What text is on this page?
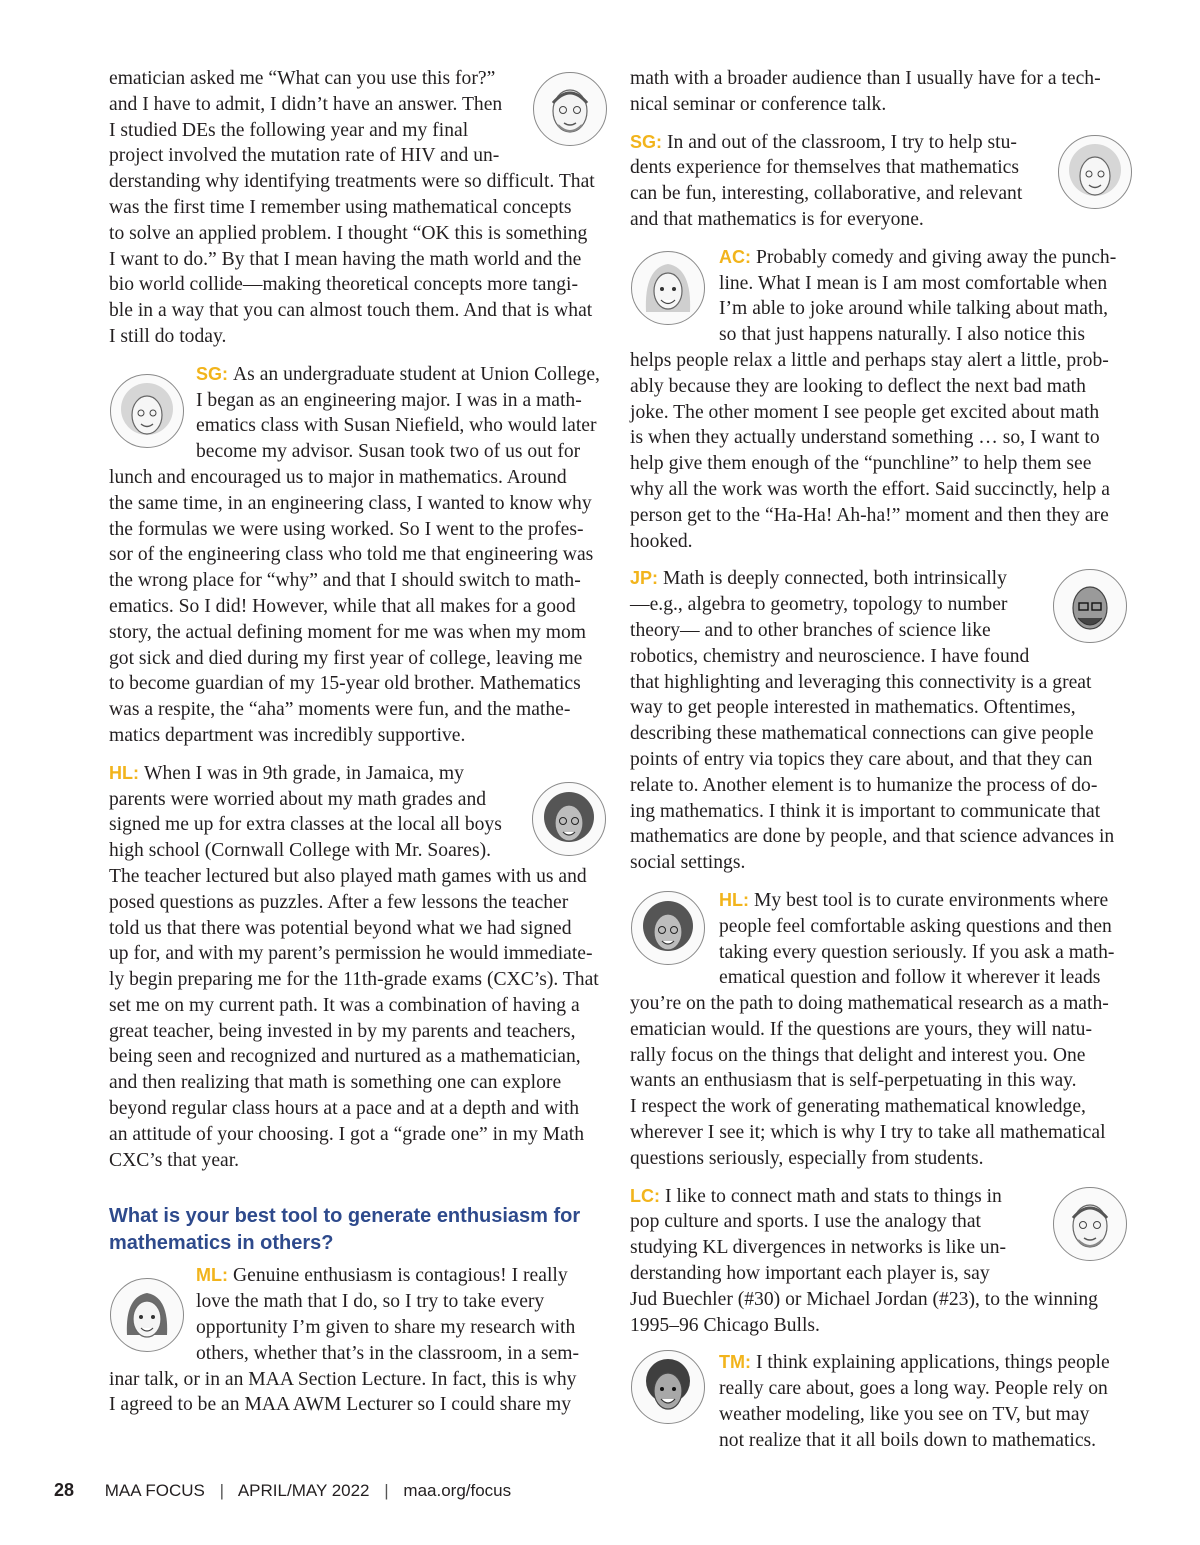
ematician asked me “What can you use this for?”
and I have to admit, I didn’t have an answer. Then
I studied DEs the following year and my final
project involved the mutation rate of HIV and un-
derstanding why identifying treatments were so difficult. That
was the first time I remember using mathematical concepts
to solve an applied problem. I thought “OK this is something
I want to do.” By that I mean having the math world and the
bio world collide—making theoretical concepts more tangi-
ble in a way that you can almost touch them. And that is what
I still do today.
SG: As an undergraduate student at Union College,
I began as an engineering major. I was in a math-
ematics class with Susan Niefield, who would later
become my advisor. Susan took two of us out for
lunch and encouraged us to major in mathematics. Around
the same time, in an engineering class, I wanted to know why
the formulas we were using worked. So I went to the profes-
sor of the engineering class who told me that engineering was
the wrong place for “why” and that I should switch to math-
ematics. So I did! However, while that all makes for a good
story, the actual defining moment for me was when my mom
got sick and died during my first year of college, leaving me
to become guardian of my 15-year old brother. Mathematics
was a respite, the “aha” moments were fun, and the mathe-
matics department was incredibly supportive.
HL: When I was in 9th grade, in Jamaica, my
parents were worried about my math grades and
signed me up for extra classes at the local all boys
high school (Cornwall College with Mr. Soares).
The teacher lectured but also played math games with us and
posed questions as puzzles. After a few lessons the teacher
told us that there was potential beyond what we had signed
up for, and with my parent’s permission he would immediate-
ly begin preparing me for the 11th-grade exams (CXC’s). That
set me on my current path. It was a combination of having a
great teacher, being invested in by my parents and teachers,
being seen and recognized and nurtured as a mathematician,
and then realizing that math is something one can explore
beyond regular class hours at a pace and at a depth and with
an attitude of your choosing. I got a “grade one” in my Math
CXC’s that year.
What is your best tool to generate enthusiasm for
mathematics in others?
ML: Genuine enthusiasm is contagious! I really
love the math that I do, so I try to take every
opportunity I’m given to share my research with
others, whether that’s in the classroom, in a sem-
inar talk, or in an MAA Section Lecture. In fact, this is why
I agreed to be an MAA AWM Lecturer so I could share my
math with a broader audience than I usually have for a tech-
nical seminar or conference talk.
SG: In and out of the classroom, I try to help stu-
dents experience for themselves that mathematics
can be fun, interesting, collaborative, and relevant
and that mathematics is for everyone.
AC: Probably comedy and giving away the punch-
line. What I mean is I am most comfortable when
I’m able to joke around while talking about math,
so that just happens naturally. I also notice this
helps people relax a little and perhaps stay alert a little, prob-
ably because they are looking to deflect the next bad math
joke. The other moment I see people get excited about math
is when they actually understand something … so, I want to
help give them enough of the “punchline” to help them see
why all the work was worth the effort. Said succinctly, help a
person get to the “Ha-Ha! Ah-ha!” moment and then they are
hooked.
JP: Math is deeply connected, both intrinsically
—e.g., algebra to geometry, topology to number
theory— and to other branches of science like
robotics, chemistry and neuroscience. I have found
that highlighting and leveraging this connectivity is a great
way to get people interested in mathematics. Oftentimes,
describing these mathematical connections can give people
points of entry via topics they care about, and that they can
relate to. Another element is to humanize the process of do-
ing mathematics. I think it is important to communicate that
mathematics are done by people, and that science advances in
social settings.
HL: My best tool is to curate environments where
people feel comfortable asking questions and then
taking every question seriously. If you ask a math-
ematical question and follow it wherever it leads
you’re on the path to doing mathematical research as a math-
ematician would. If the questions are yours, they will natu-
rally focus on the things that delight and interest you. One
wants an enthusiasm that is self-perpetuating in this way.
I respect the work of generating mathematical knowledge,
wherever I see it; which is why I try to take all mathematical
questions seriously, especially from students.
LC: I like to connect math and stats to things in
pop culture and sports. I use the analogy that
studying KL divergences in networks is like un-
derstanding how important each player is, say
Jud Buechler (#30) or Michael Jordan (#23), to the winning
1995–96 Chicago Bulls.
TM: I think explaining applications, things people
really care about, goes a long way. People rely on
weather modeling, like you see on TV, but may
not realize that it all boils down to mathematics.
28 MAA FOCUS | APRIL/MAY 2022 | maa.org/focus
